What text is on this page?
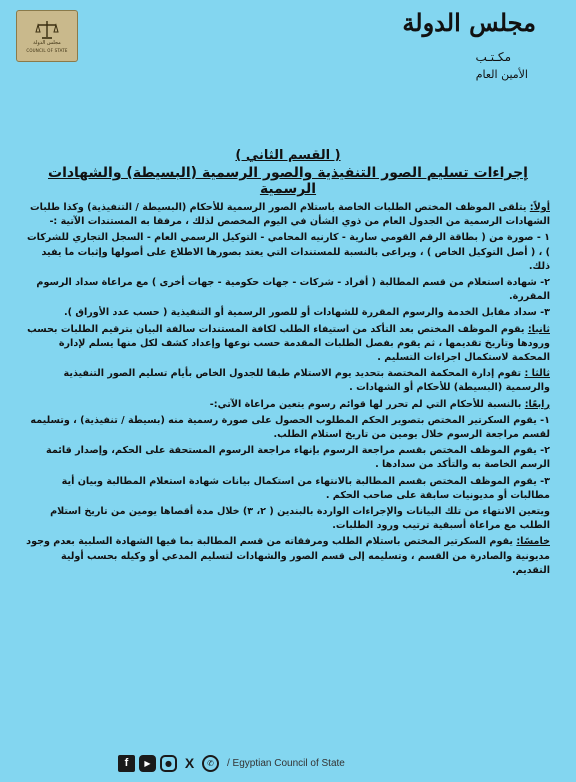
مجلس الدولة
COUNCIL OF STATE
مجلس الدولة
مكـتـب
الأمين العام
( القسم الثاني )
إجراءات تسليم الصور التنفيذية والصور الرسمية (البسيطة) والشهادات الرسمية

أولاً: يتلقى الموظف المختص الطلبات الخاصة باستلام الصور الرسمية للأحكام (البسيطة / التنفيذية) وكذا طلبات الشهادات الرسمية من الجدول العام من ذوي الشأن في اليوم المخصص لذلك ، مرفقا به المستندات الآتية :-

١ - صورة من ( بطاقة الرقم القومي سارية - كارنيه المحامي - التوكيل الرسمي العام - السجل التجاري للشركات ) ، ( أصل التوكيل الخاص ) ، ويراعى بالنسبة للمستندات التي يعتد بصورها الاطلاع على أصولها وإثبات ما يفيد ذلك.

٢- شهادة استعلام من قسم المطالبة ( أفراد - شركات - جهات حكومية - جهات أخرى ) مع مراعاة سداد الرسوم المقررة.

٣- سداد مقابل الخدمة والرسوم المقررة للشهادات أو للصور الرسمية أو التنفيذية ( حسب عدد الأوراق ).

ثانيا: يقوم الموظف المختص بعد التأكد من استيفاء الطلب لكافة المستندات سالفة البيان بترقيم الطلبات بحسب ورودها وتاريخ تقديمها ، ثم يقوم بفصل الطلبات المقدمة حسب نوعها وإعداد كشف لكل منها يسلم لإدارة المحكمة لاستكمال اجراءات التسليم .

ثالثا : تقوم إدارة المحكمة المختصة بتحديد يوم الاستلام طبقا للجدول الخاص بأيام تسليم الصور التنفيذية والرسمية (البسيطة) للأحكام أو الشهادات .

رابعًا: بالنسبة للأحكام التي لم تحرر لها قوائم رسوم يتعين مراعاة الآتي:-

١- يقوم السكرتير المختص بتصوير الحكم المطلوب الحصول على صورة رسمية منه (بسيطة / تنفيذية) ، وتسليمه لقسم مراجعة الرسوم خلال يومين من تاريخ استلام الطلب.

٢- يقوم الموظف المختص بقسم مراجعة الرسوم بإنهاء مراجعة الرسوم المستحقة على الحكم، وإصدار قائمة الرسم الخاصة به والتأكد من سدادها .

٣- يقوم الموظف المختص بقسم المطالبة بالانتهاء من استكمال بيانات شهادة استعلام المطالبة وبيان أية مطالبات أو مديونيات سابقة على صاحب الحكم .

ويتعين الانتهاء من تلك البيانات والإجراءات الواردة بالبندين ( ٢، ٣) خلال مدة أقصاها يومين من تاريخ استلام الطلب مع مراعاة أسبقية ترتيب ورود الطلبات.

خامسًا: يقوم السكرتير المختص باستلام الطلب ومرفقاته من قسم المطالبة بما فيها الشهادة السلبية بعدم وجود مديونية والصادرة من القسم ، وتسليمه إلى قسم الصور والشهادات لتسليم المدعي أو وكيله بحسب أولية التقديم.

f	▶	● X	✆	/ Egyptian Council of State
